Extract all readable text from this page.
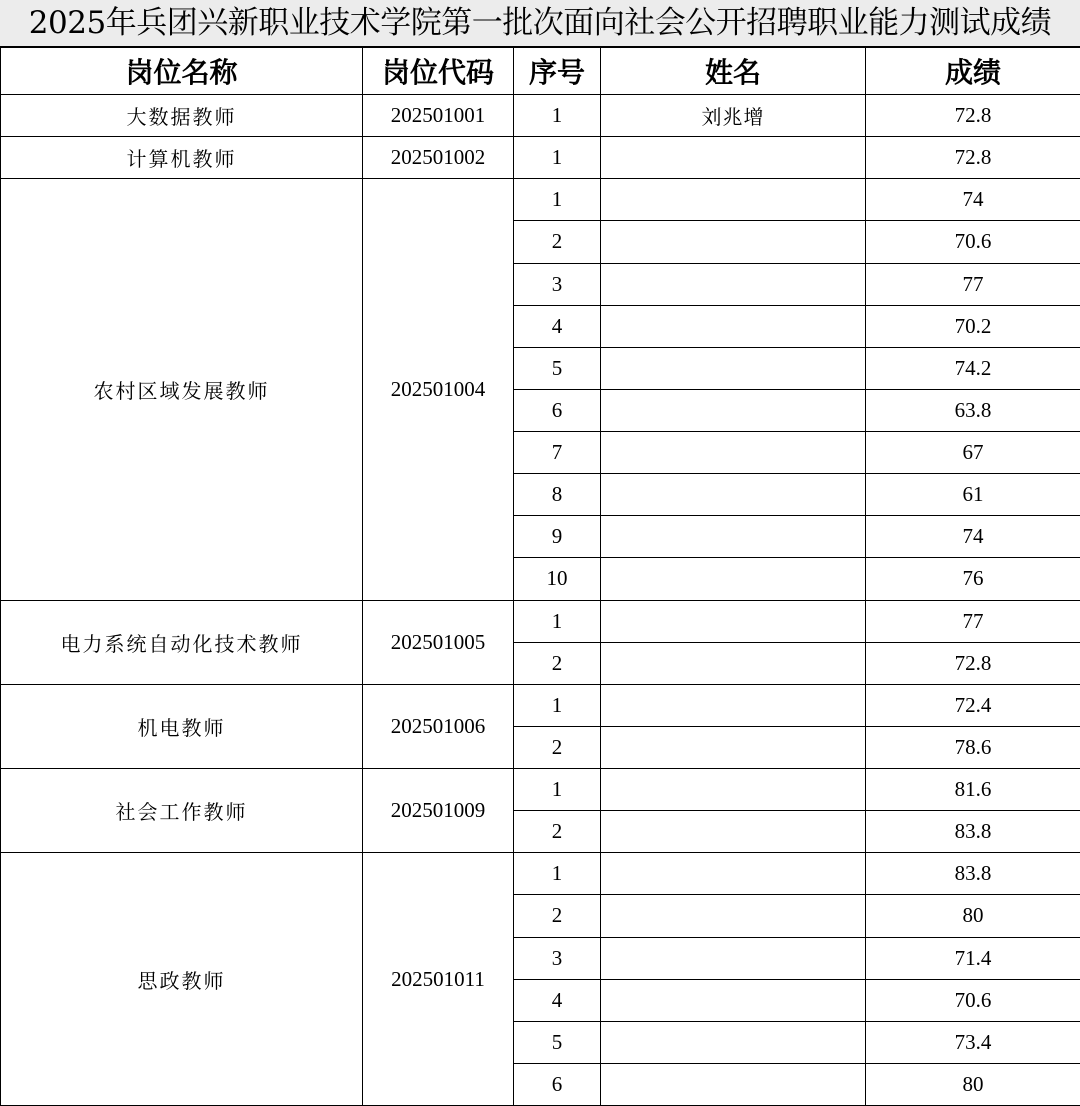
2025年兵团兴新职业技术学院第一批次面向社会公开招聘职业能力测试成绩
岗位名称	岗位代码	序号	姓名	成绩
大数据教师	202501001	1	刘兆增	72.8
计算机教师	202501002	1		72.8
农村区域发展教师	202501004	1		74
		2		70.6
		3		77
		4		70.2
		5		74.2
		6		63.8
		7		67
		8		61
		9		74
		10		76
电力系统自动化技术教师	202501005	1		77
		2		72.8
机电教师	202501006	1		72.4
		2		78.6
社会工作教师	202501009	1		81.6
		2		83.8
思政教师	202501011	1		83.8
		2		80
		3		71.4
		4		70.6
		5		73.4
		6		80
